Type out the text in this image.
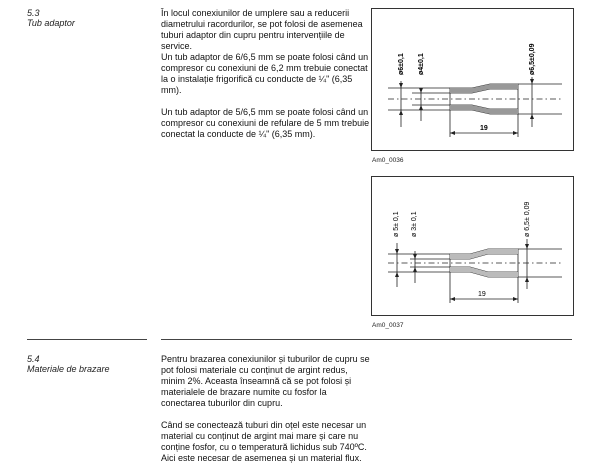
5.3
Tub adaptor

În locul conexiunilor de umplere sau a reducerii diametrului racordurilor, se pot folosi de asemenea tuburi adaptor din cupru pentru intervențiile de service.

Un tub adaptor de 6/6,5 mm se poate folosi când un compresor cu conexiuni de 6,2 mm trebuie conectat la o instalație frigorifică cu conducte de ¼" (6,35 mm).

Un tub adaptor de 5/6,5 mm se poate folosi când un compresor cu conexiuni de refulare de 5 mm trebuie conectat la conducte de ¼" (6,35 mm).

ø6±0,1 ø4±0,1	ø6,5±0,09
19
Am0_0036
ø 5± 0,1 ø 3± 0,1	ø 6,5± 0,09
19
Am0_0037
5.4
Materiale de brazare

Pentru brazarea conexiunilor și tuburilor de cupru se pot folosi materiale cu conținut de argint redus, minim 2%. Aceasta înseamnă că se pot folosi și materialele de brazare numite cu fosfor la conectarea tuburilor din cupru.

Când se conectează tuburi din oțel este necesar un material cu conținut de argint mai mare și care nu conține fosfor, cu o temperatură lichidus sub 740ºC. Aici este necesar de asemenea și un material flux.
